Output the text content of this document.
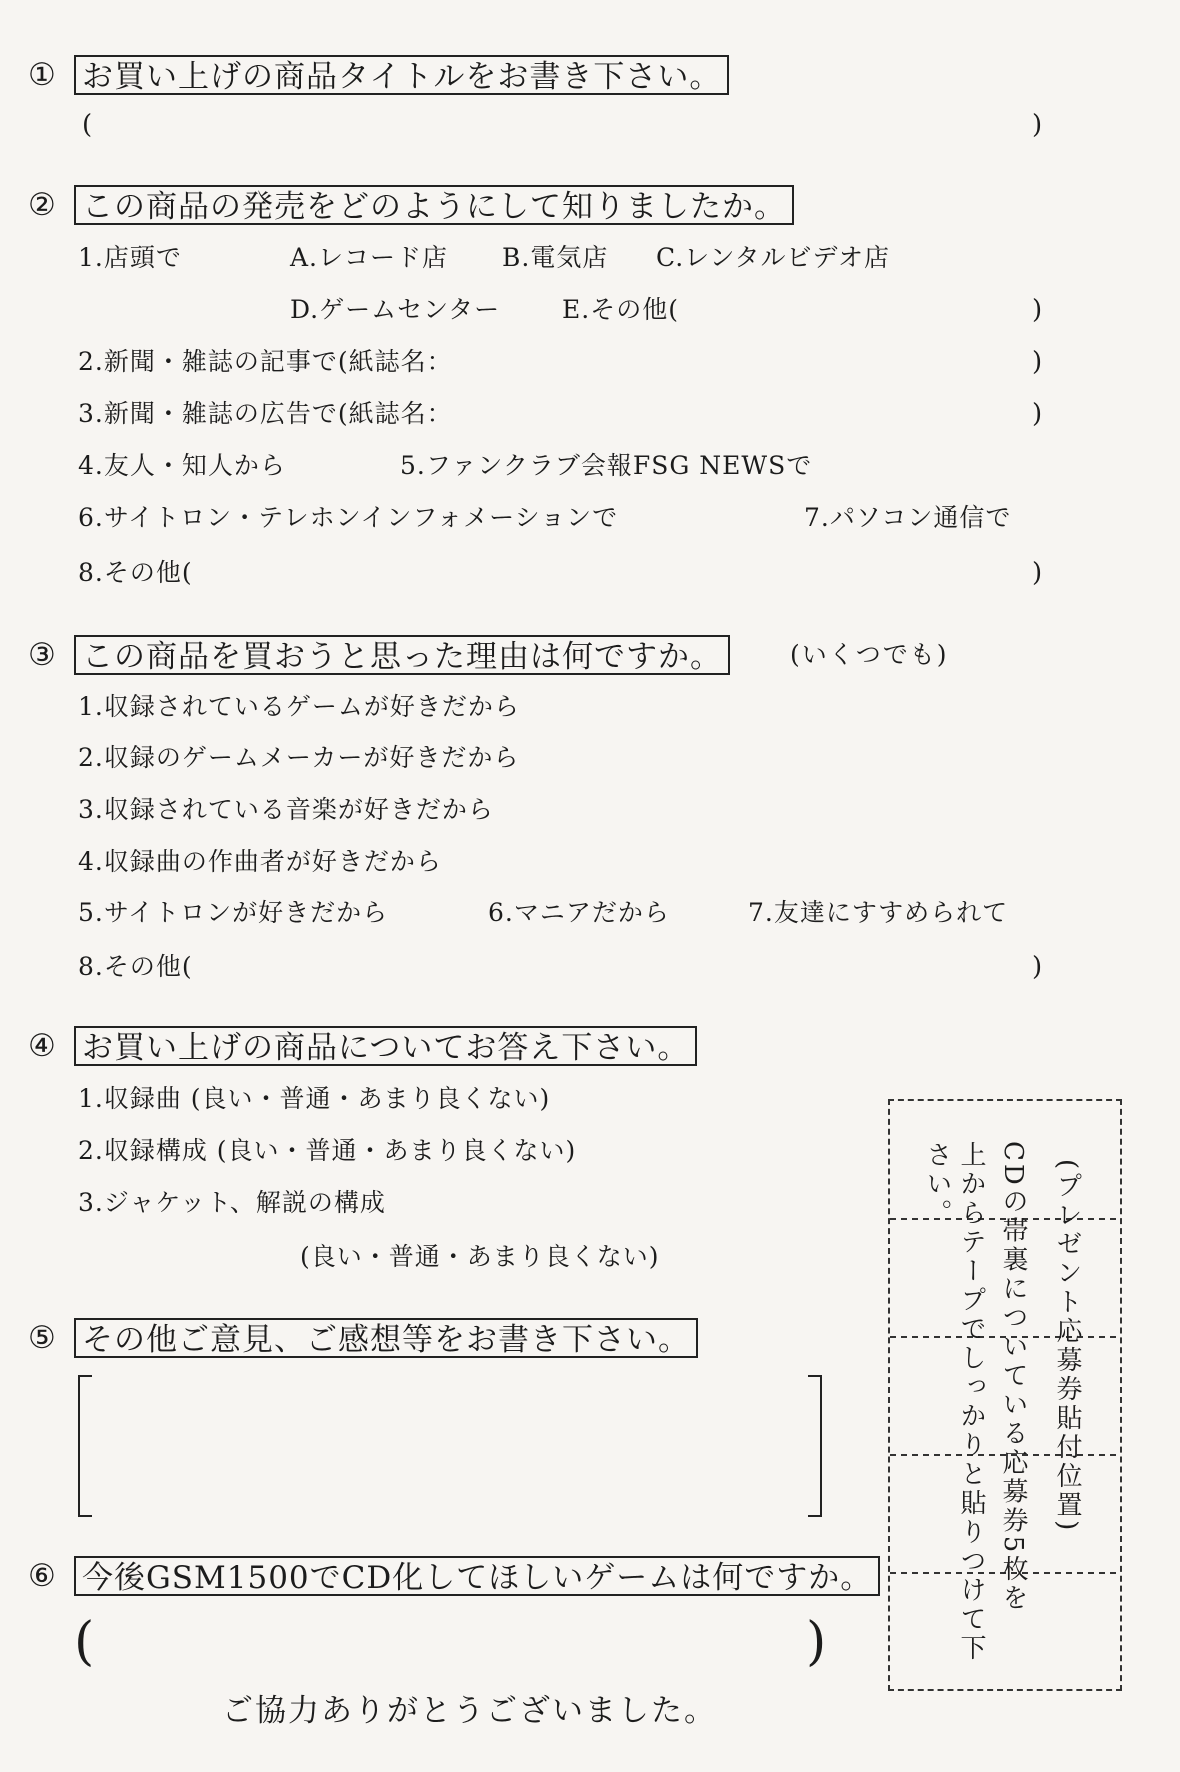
① お買い上げの商品タイトルをお書き下さい。
(	)
② この商品の発売をどのようにして知りましたか。
1.店頭で	A.レコード店 B.電気店 C.レンタルビデオ店
D.ゲームセンター E.その他(	)
2.新聞・雑誌の記事で(紙誌名：	)
3.新聞・雑誌の広告で(紙誌名：	)
4.友人・知人から	5.ファンクラブ会報FSG NEWSで
6.サイトロン・テレホンインフォメーションで	7.パソコン通信で
8.その他(	)
③ この商品を買おうと思った理由は何ですか。	(いくつでも)
1.収録されているゲームが好きだから
2.収録のゲームメーカーが好きだから
3.収録されている音楽が好きだから
4.収録曲の作曲者が好きだから
5.サイトロンが好きだから	6.マニアだから	7.友達にすすめられて
8.その他(	)
④ お買い上げの商品についてお答え下さい。
1.収録曲 (良い・普通・あまり良くない)
2.収録構成 (良い・普通・あまり良くない)
3.ジャケット、解説の構成
(良い・普通・あまり良くない)
⑤ その他ご意見、ご感想等をお書き下さい。
⑥ 今後GSM1500でCD化してほしいゲームは何ですか。
(	)
(プレゼント応募券貼付位置)
CDの帯裏についている応募券5枚を
上からテープでしっかりと貼りつけて下さい。
ご協力ありがとうございました。
